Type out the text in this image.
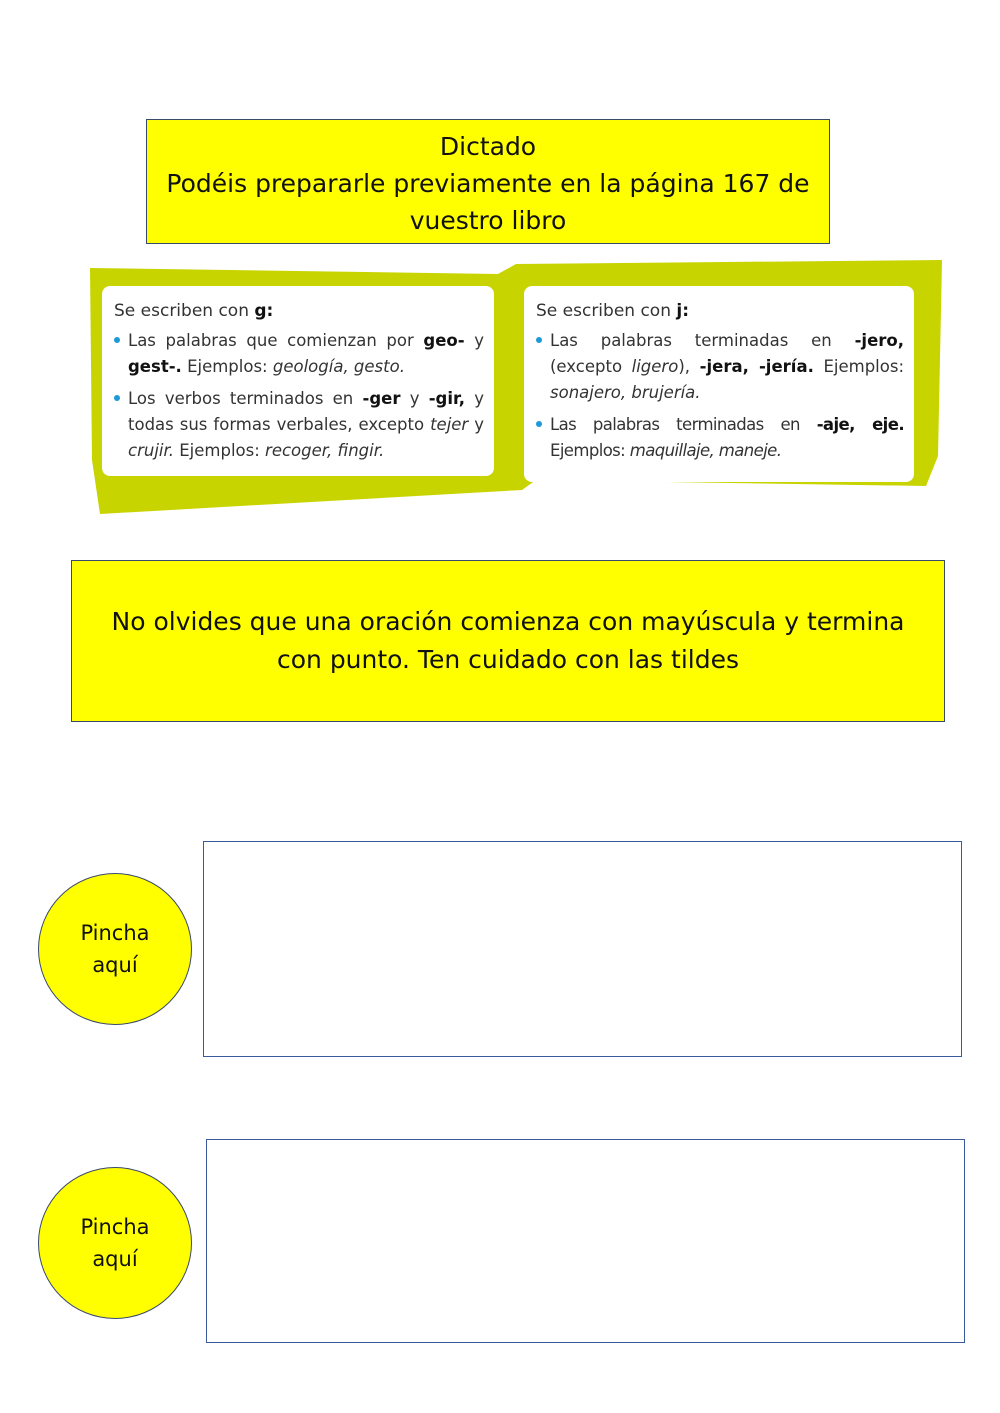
Dictado
Podéis prepararle previamente en la página 167 de
vuestro libro
Se escriben con g:
Las palabras que comienzan por geo- y gest-. Ejemplos: geología, gesto.
Los verbos terminados en -ger y -gir, y todas sus formas verbales, excepto tejer y crujir. Ejemplos: recoger, fingir.
Se escriben con j:
Las palabras terminadas en -jero, (excepto ligero), -jera, -jería. Ejemplos: sonajero, brujería.
Las palabras terminadas en -aje, eje. Ejemplos: maquillaje, maneje.
No olvides que una oración comienza con mayúscula y termina con punto. Ten cuidado con las tildes
Pincha
aquí
Pincha
aquí
